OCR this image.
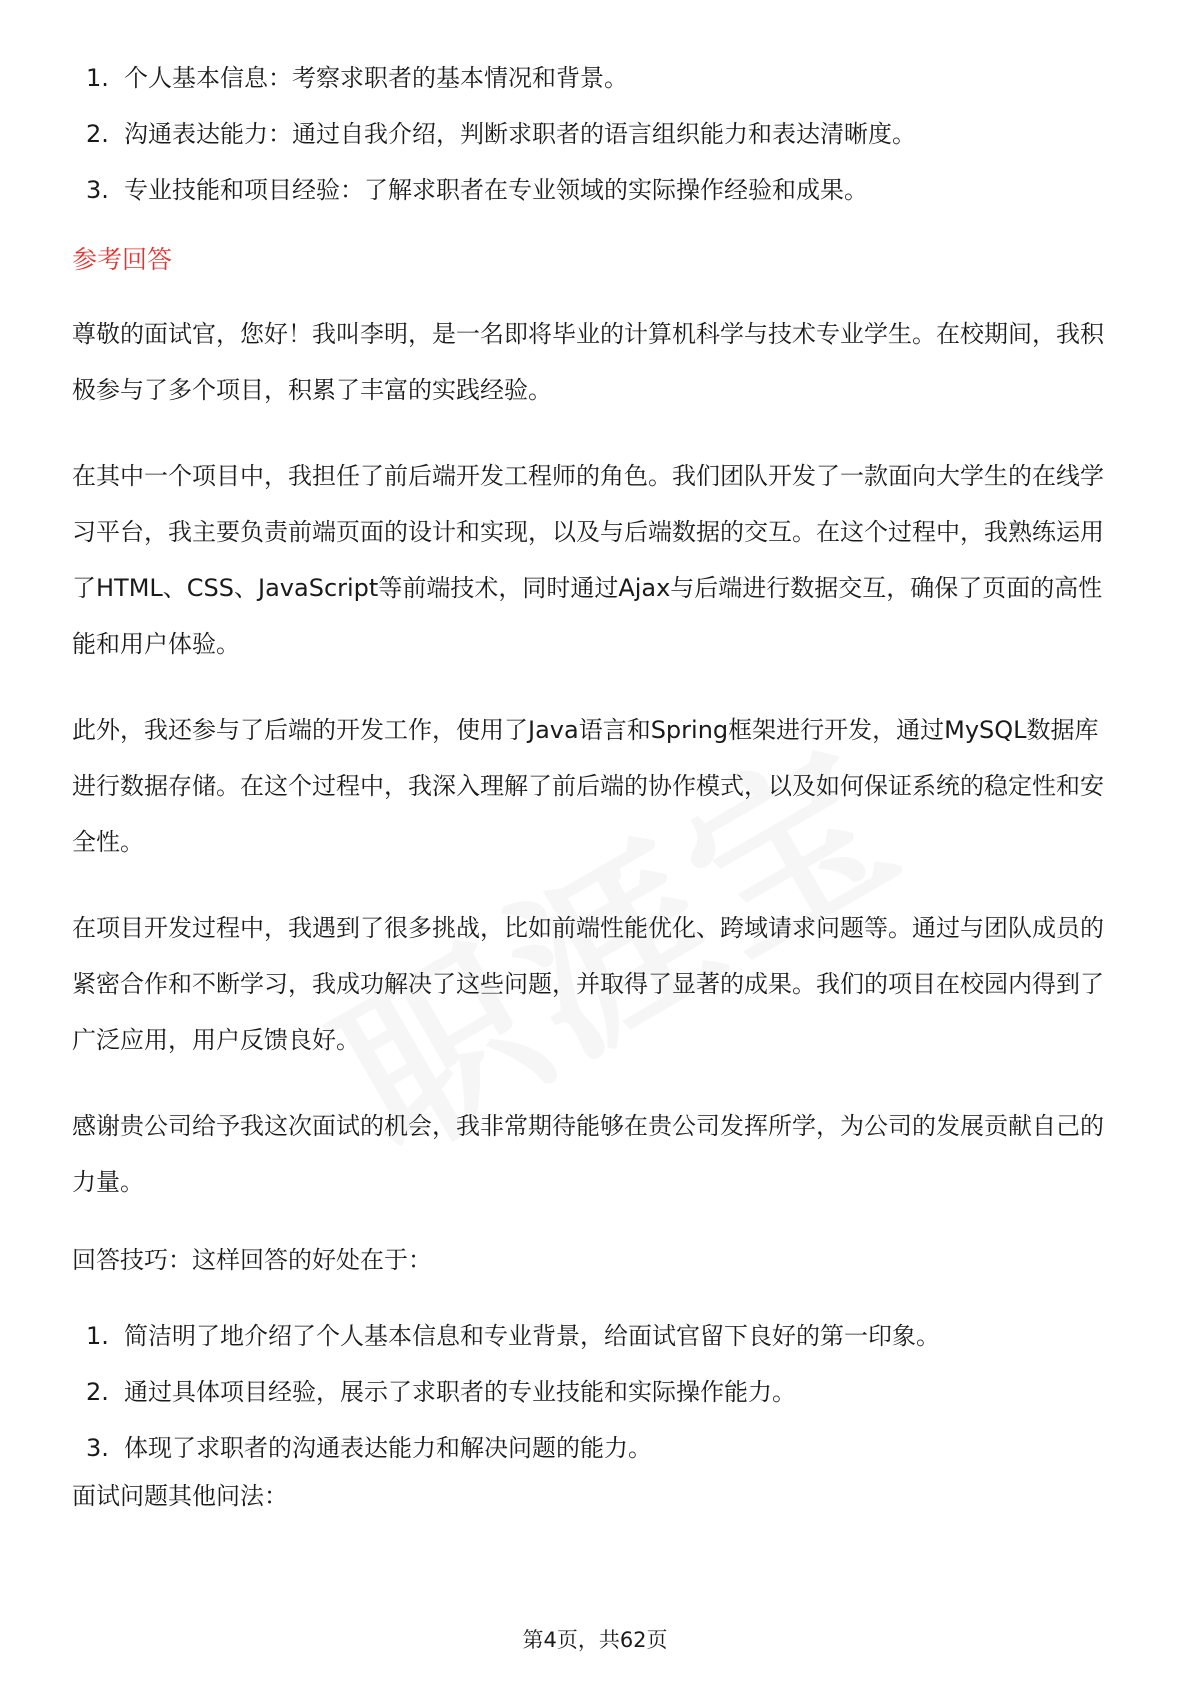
1. 个人基本信息：考察求职者的基本情况和背景。
2. 沟通表达能力：通过自我介绍，判断求职者的语言组织能力和表达清晰度。
3. 专业技能和项目经验：了解求职者在专业领域的实际操作经验和成果。
参考回答

尊敬的面试官，您好！我叫李明，是一名即将毕业的计算机科学与技术专业学生。在校期间，我积极参与了多个项目，积累了丰富的实践经验。

在其中一个项目中，我担任了前后端开发工程师的角色。我们团队开发了一款面向大学生的在线学习平台，我主要负责前端页面的设计和实现，以及与后端数据的交互。在这个过程中，我熟练运用了HTML、CSS、JavaScript等前端技术，同时通过Ajax与后端进行数据交互，确保了页面的高性能和用户体验。

此外，我还参与了后端的开发工作，使用了Java语言和Spring框架进行开发，通过MySQL数据库进行数据存储。在这个过程中，我深入理解了前后端的协作模式，以及如何保证系统的稳定性和安全性。

在项目开发过程中，我遇到了很多挑战，比如前端性能优化、跨域请求问题等。通过与团队成员的紧密合作和不断学习，我成功解决了这些问题，并取得了显著的成果。我们的项目在校园内得到了广泛应用，用户反馈良好。

感谢贵公司给予我这次面试的机会，我非常期待能够在贵公司发挥所学，为公司的发展贡献自己的力量。

回答技巧：这样回答的好处在于：

1. 简洁明了地介绍了个人基本信息和专业背景，给面试官留下良好的第一印象。
2. 通过具体项目经验，展示了求职者的专业技能和实际操作能力。
3. 体现了求职者的沟通表达能力和解决问题的能力。

面试问题其他问法：

第4页，共62页
